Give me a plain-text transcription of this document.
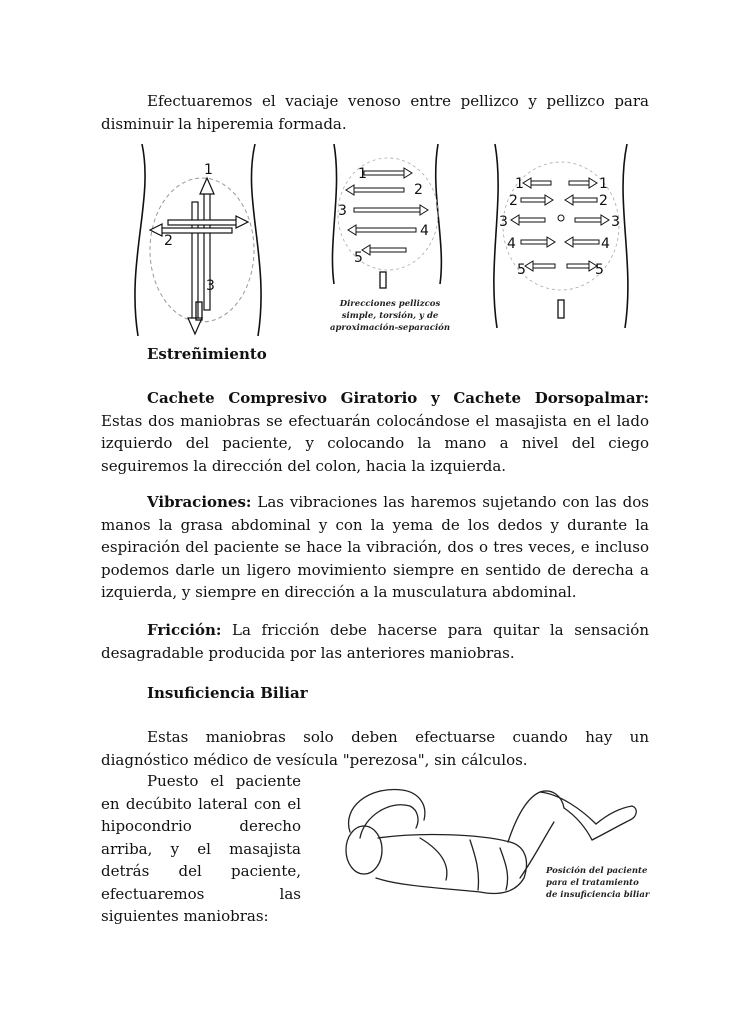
Efectuaremos el vaciaje venoso entre pellizco y pellizco para disminuir la hiperemia formada.

1
2
3
1
2
3
4
5
Direcciones pellizcos
simple, torsión, y de
aproximación-separación
1	1
2	2
3	3
4	4
5	5

Estreñimiento

Cachete Compresivo Giratorio y Cachete Dorsopalmar: Estas dos maniobras se efectuarán colocándose el masajista en el lado izquierdo del paciente, y colocando la mano a nivel del ciego seguiremos la dirección del colon, hacia la izquierda.

Vibraciones: Las vibraciones las haremos sujetando con las dos manos la grasa abdominal y con la yema de los dedos y durante la espiración del paciente se hace la vibración, dos o tres veces, e incluso podemos darle un ligero movimiento siempre en sentido de derecha a izquierda, y siempre en dirección a la musculatura abdominal.

Fricción: La fricción debe hacerse para quitar la sensación desagradable producida por las anteriores maniobras.

Insuficiencia Biliar

Estas maniobras solo deben efectuarse cuando hay un diagnóstico médico de vesícula "perezosa", sin cálculos.

Puesto el paciente en decúbito lateral con el hipocondrio derecho arriba, y el masajista detrás del paciente, efectuaremos las siguientes maniobras:

Posición del paciente
para el tratamiento
de insuficiencia biliar
